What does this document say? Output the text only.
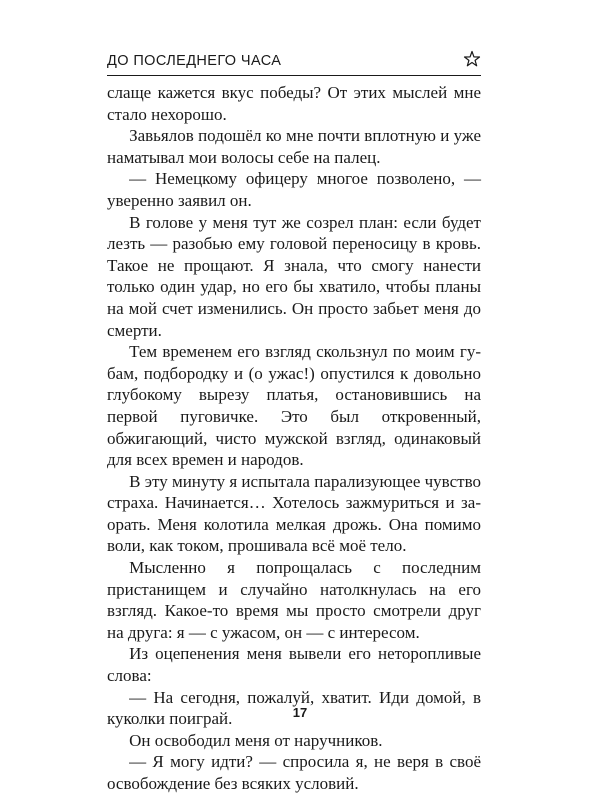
ДО ПОСЛЕДНЕГО ЧАСА

слаще кажется вкус победы? От этих мыслей мне стало нехорошо.

Завьялов подошёл ко мне почти вплотную и уже наматывал мои волосы себе на палец.

— Немецкому офицеру многое позволено, — уверенно заявил он.

В голове у меня тут же созрел план: если будет лезть — разобью ему головой переносицу в кровь. Такое не прощают. Я знала, что смогу нанести только один удар, но его бы хватило, чтобы планы на мой счет изменились. Он просто забьет меня до смерти.

Тем временем его взгляд скользнул по моим губам, подбородку и (о ужас!) опустился к довольно глубокому вырезу платья, остановившись на первой пуговичке. Это был откровенный, обжигающий, чисто мужской взгляд, одинаковый для всех времен и народов.

В эту минуту я испытала парализующее чувство страха. Начинается… Хотелось зажмуриться и заорать. Меня колотила мелкая дрожь. Она помимо воли, как током, прошивала всё моё тело.

Мысленно я попрощалась с последним пристанищем и случайно натолкнулась на его взгляд. Какое-то время мы просто смотрели друг на друга: я — с ужасом, он — с интересом.

Из оцепенения меня вывели его неторопливые слова:

— На сегодня, пожалуй, хватит. Иди домой, в куколки поиграй.

Он освободил меня от наручников.

— Я могу идти? — спросила я, не веря в своё освобождение без всяких условий.

17
